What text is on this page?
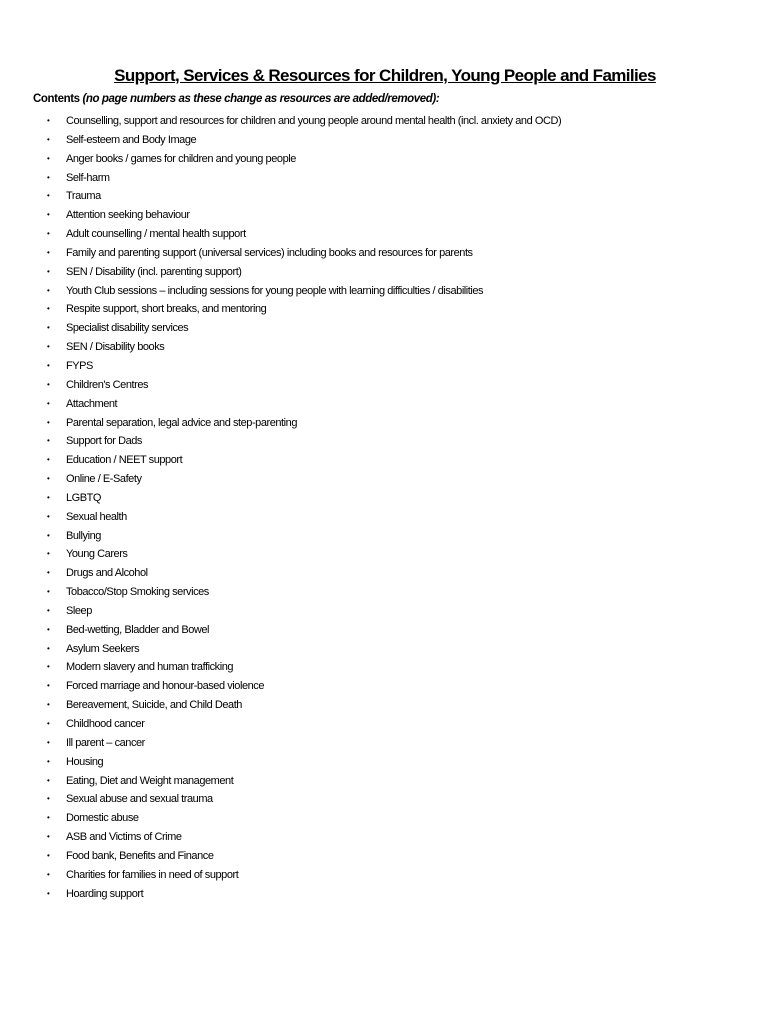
Support, Services & Resources for Children, Young People and Families

Contents (no page numbers as these change as resources are added/removed):

• Counselling, support and resources for children and young people around mental health (incl. anxiety and OCD)
• Self-esteem and Body Image
• Anger books / games for children and young people
• Self-harm
• Trauma
• Attention seeking behaviour
• Adult counselling / mental health support
• Family and parenting support (universal services) including books and resources for parents
• SEN / Disability (incl. parenting support)
• Youth Club sessions – including sessions for young people with learning difficulties / disabilities
• Respite support, short breaks, and mentoring
• Specialist disability services
• SEN / Disability books
• FYPS
• Children's Centres
• Attachment
• Parental separation, legal advice and step-parenting
• Support for Dads
• Education / NEET support
• Online / E-Safety
• LGBTQ
• Sexual health
• Bullying
• Young Carers
• Drugs and Alcohol
• Tobacco/Stop Smoking services
• Sleep
• Bed-wetting, Bladder and Bowel
• Asylum Seekers
• Modern slavery and human trafficking
• Forced marriage and honour-based violence
• Bereavement, Suicide, and Child Death
• Childhood cancer
• Ill parent – cancer
• Housing
• Eating, Diet and Weight management
• Sexual abuse and sexual trauma
• Domestic abuse
• ASB and Victims of Crime
• Food bank, Benefits and Finance
• Charities for families in need of support
• Hoarding support
